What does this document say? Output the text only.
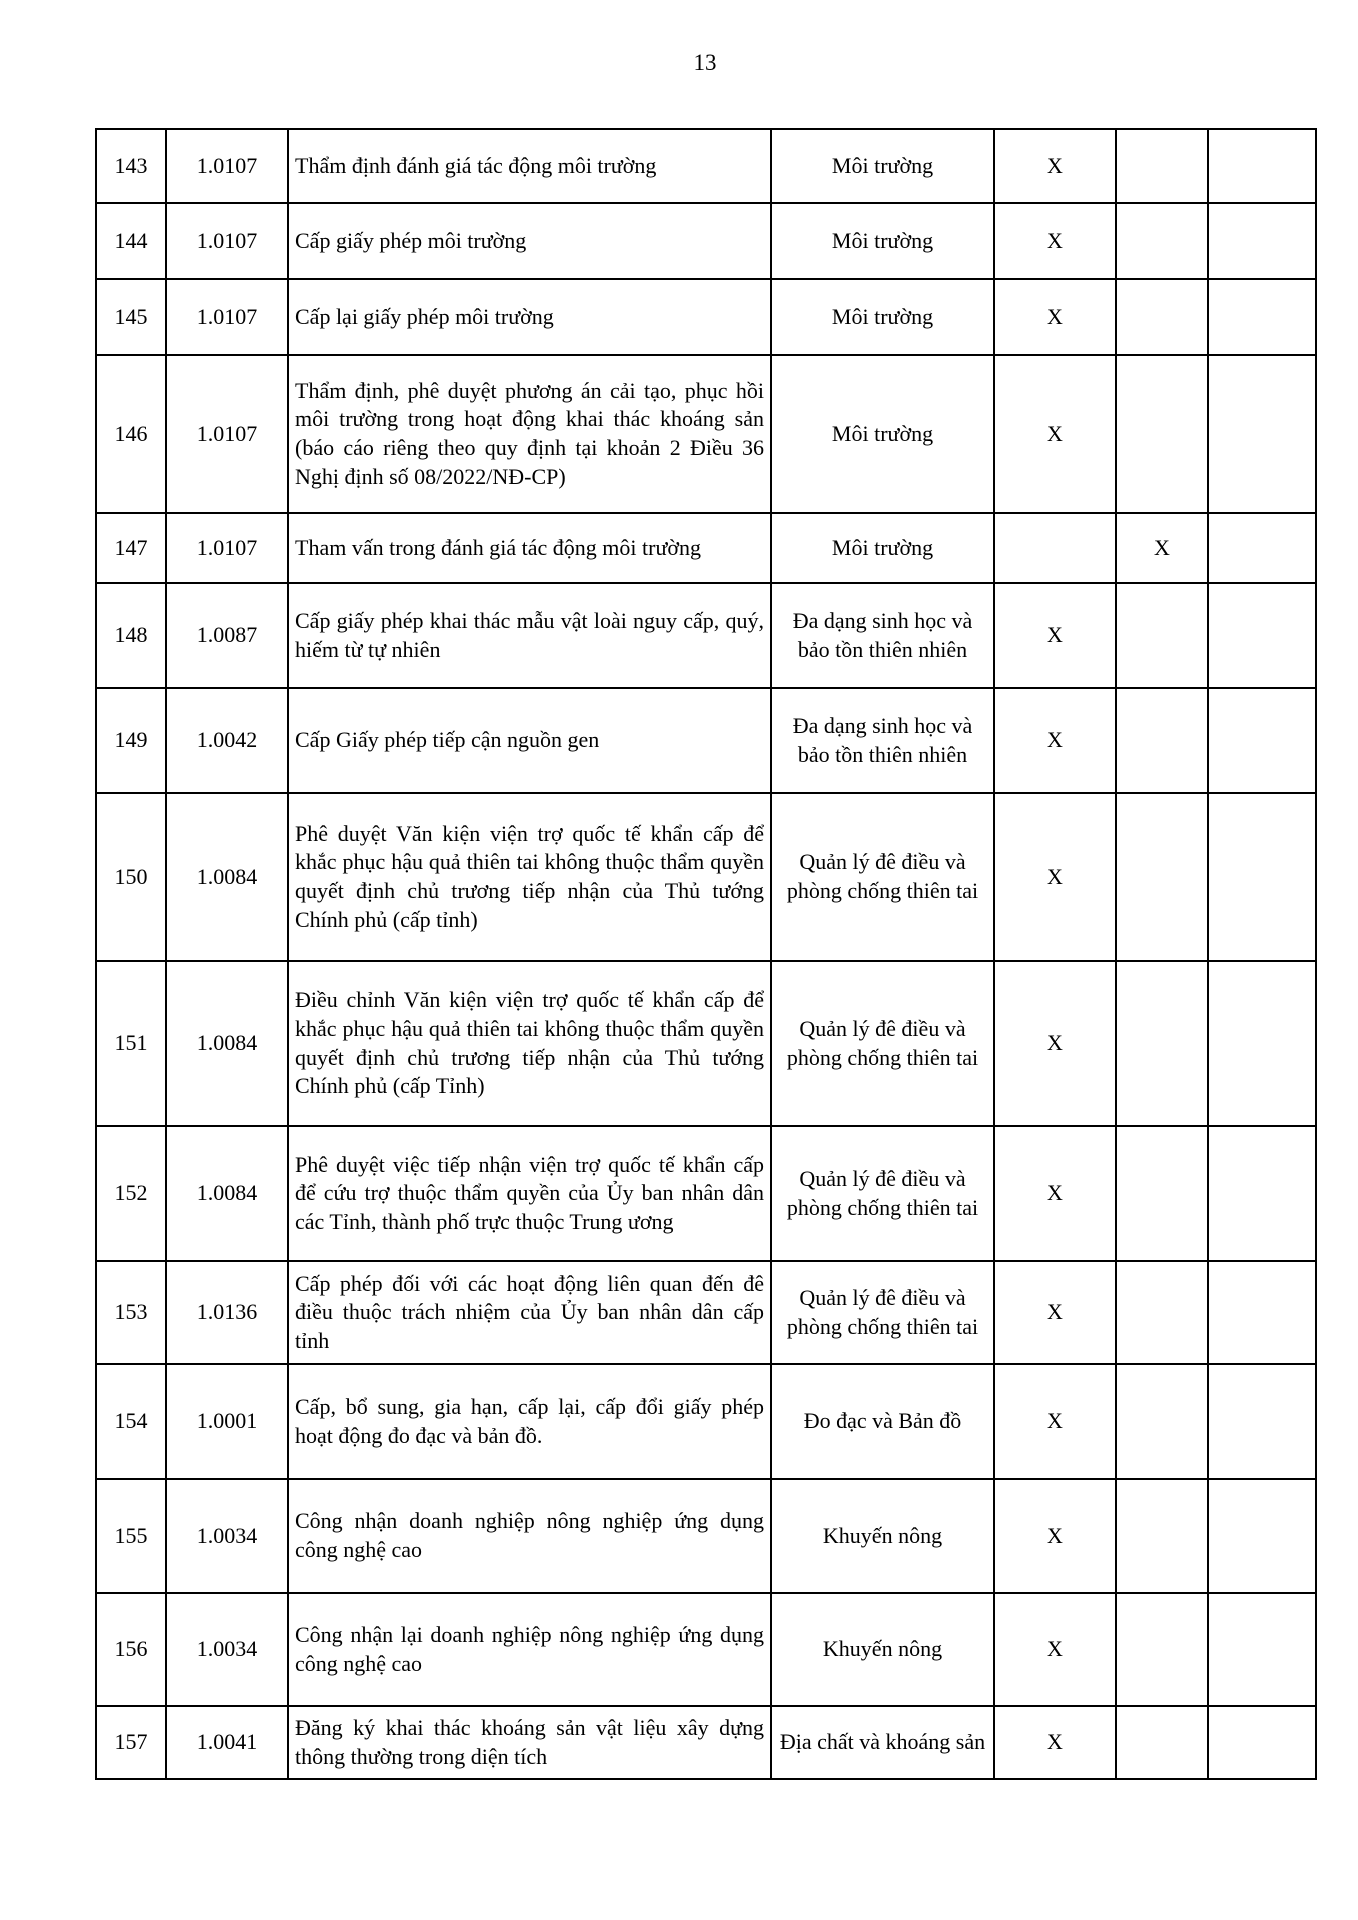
13
143	1.0107	Thẩm định đánh giá tác động môi trường	Môi trường	X		
144	1.0107	Cấp giấy phép môi trường	Môi trường	X		
145	1.0107	Cấp lại giấy phép môi trường	Môi trường	X		
146	1.0107	Thẩm định, phê duyệt phương án cải tạo, phục hồi môi trường trong hoạt động khai thác khoáng sản (báo cáo riêng theo quy định tại khoản 2 Điều 36 Nghị định số 08/2022/NĐ-CP)	Môi trường	X		
147	1.0107	Tham vấn trong đánh giá tác động môi trường	Môi trường		X	
148	1.0087	Cấp giấy phép khai thác mẫu vật loài nguy cấp, quý, hiếm từ tự nhiên	Đa dạng sinh học và bảo tồn thiên nhiên	X		
149	1.0042	Cấp Giấy phép tiếp cận nguồn gen	Đa dạng sinh học và bảo tồn thiên nhiên	X		
150	1.0084	Phê duyệt Văn kiện viện trợ quốc tế khẩn cấp để khắc phục hậu quả thiên tai không thuộc thẩm quyền quyết định chủ trương tiếp nhận của Thủ tướng Chính phủ (cấp tỉnh)	Quản lý đê điều và phòng chống thiên tai	X		
151	1.0084	Điều chỉnh Văn kiện viện trợ quốc tế khẩn cấp để khắc phục hậu quả thiên tai không thuộc thẩm quyền quyết định chủ trương tiếp nhận của Thủ tướng Chính phủ (cấp Tỉnh)	Quản lý đê điều và phòng chống thiên tai	X		
152	1.0084	Phê duyệt việc tiếp nhận viện trợ quốc tế khẩn cấp để cứu trợ thuộc thẩm quyền của Ủy ban nhân dân các Tỉnh, thành phố trực thuộc Trung ương	Quản lý đê điều và phòng chống thiên tai	X		
153	1.0136	Cấp phép đối với các hoạt động liên quan đến đê điều thuộc trách nhiệm của Ủy ban nhân dân cấp tỉnh	Quản lý đê điều và phòng chống thiên tai	X		
154	1.0001	Cấp, bổ sung, gia hạn, cấp lại, cấp đổi giấy phép hoạt động đo đạc và bản đồ.	Đo đạc và Bản đồ	X		
155	1.0034	Công nhận doanh nghiệp nông nghiệp ứng dụng công nghệ cao	Khuyến nông	X		
156	1.0034	Công nhận lại doanh nghiệp nông nghiệp ứng dụng công nghệ cao	Khuyến nông	X		
157	1.0041	Đăng ký khai thác khoáng sản vật liệu xây dựng thông thường trong diện tích	Địa chất và khoáng sản	X		
